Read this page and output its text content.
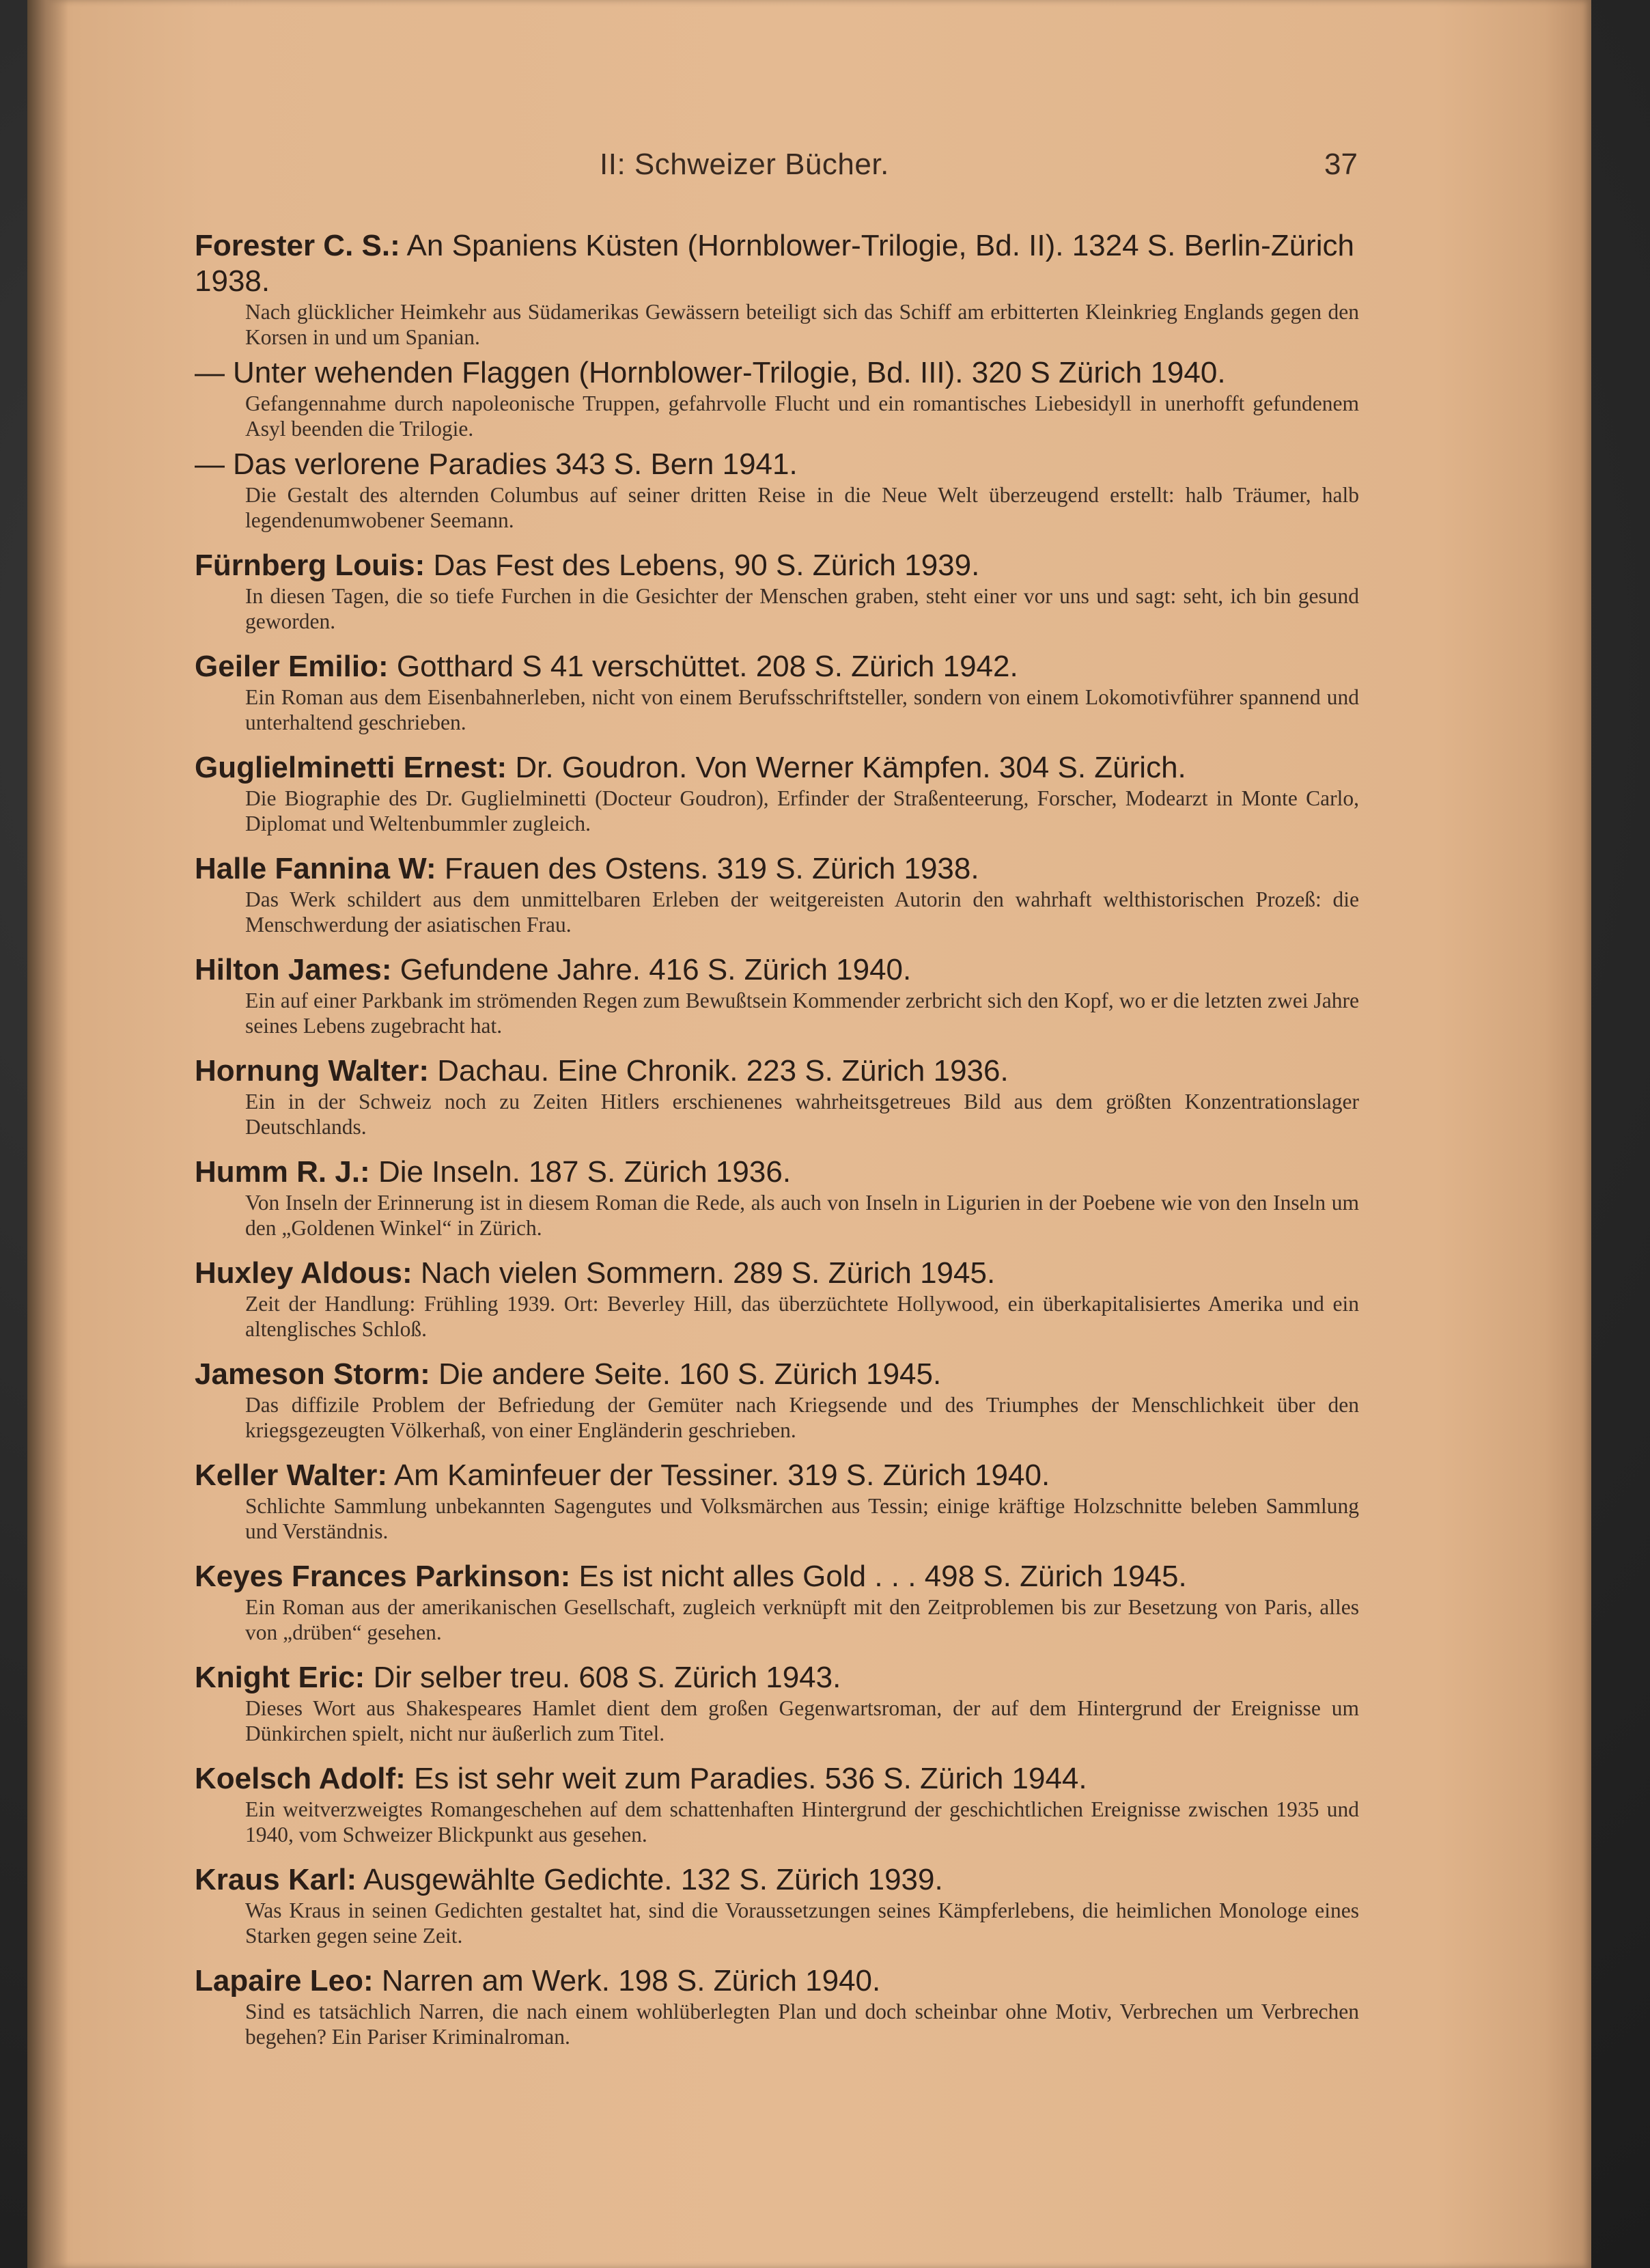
II: Schweizer Bücher.	37
Forester C. S.: An Spaniens Küsten (Hornblower-Trilogie, Bd. II). 1324 S. Berlin-Zürich 1938.
Nach glücklicher Heimkehr aus Südamerikas Gewässern beteiligt sich das Schiff am erbitterten Kleinkrieg Englands gegen den Korsen in und um Spanian.
— Unter wehenden Flaggen (Hornblower-Trilogie, Bd. III). 320 S Zürich 1940.
Gefangennahme durch napoleonische Truppen, gefahrvolle Flucht und ein romantisches Liebesidyll in unerhofft gefundenem Asyl beenden die Trilogie.
— Das verlorene Paradies 343 S. Bern 1941.
Die Gestalt des alternden Columbus auf seiner dritten Reise in die Neue Welt überzeugend erstellt: halb Träumer, halb legendenumwobener Seemann.
Fürnberg Louis: Das Fest des Lebens, 90 S. Zürich 1939.
In diesen Tagen, die so tiefe Furchen in die Gesichter der Menschen graben, steht einer vor uns und sagt: seht, ich bin gesund geworden.
Geiler Emilio: Gotthard S 41 verschüttet. 208 S. Zürich 1942.
Ein Roman aus dem Eisenbahnerleben, nicht von einem Berufsschriftsteller, sondern von einem Lokomotivführer spannend und unterhaltend geschrieben.
Guglielminetti Ernest: Dr. Goudron. Von Werner Kämpfen. 304 S. Zürich.
Die Biographie des Dr. Guglielminetti (Docteur Goudron), Erfinder der Straßenteerung, Forscher, Modearzt in Monte Carlo, Diplomat und Weltenbummler zugleich.
Halle Fannina W: Frauen des Ostens. 319 S. Zürich 1938.
Das Werk schildert aus dem unmittelbaren Erleben der weitgereisten Autorin den wahrhaft welthistorischen Prozeß: die Menschwerdung der asiatischen Frau.
Hilton James: Gefundene Jahre. 416 S. Zürich 1940.
Ein auf einer Parkbank im strömenden Regen zum Bewußtsein Kommender zerbricht sich den Kopf, wo er die letzten zwei Jahre seines Lebens zugebracht hat.
Hornung Walter: Dachau. Eine Chronik. 223 S. Zürich 1936.
Ein in der Schweiz noch zu Zeiten Hitlers erschienenes wahrheitsgetreues Bild aus dem größten Konzentrationslager Deutschlands.
Humm R. J.: Die Inseln. 187 S. Zürich 1936.
Von Inseln der Erinnerung ist in diesem Roman die Rede, als auch von Inseln in Ligurien in der Poebene wie von den Inseln um den „Goldenen Winkel“ in Zürich.
Huxley Aldous: Nach vielen Sommern. 289 S. Zürich 1945.
Zeit der Handlung: Frühling 1939. Ort: Beverley Hill, das überzüchtete Hollywood, ein überkapitalisiertes Amerika und ein altenglisches Schloß.
Jameson Storm: Die andere Seite. 160 S. Zürich 1945.
Das diffizile Problem der Befriedung der Gemüter nach Kriegsende und des Triumphes der Menschlichkeit über den kriegsgezeugten Völkerhaß, von einer Engländerin geschrieben.
Keller Walter: Am Kaminfeuer der Tessiner. 319 S. Zürich 1940.
Schlichte Sammlung unbekannten Sagengutes und Volksmärchen aus Tessin; einige kräftige Holzschnitte beleben Sammlung und Verständnis.
Keyes Frances Parkinson: Es ist nicht alles Gold . . . 498 S. Zürich 1945.
Ein Roman aus der amerikanischen Gesellschaft, zugleich verknüpft mit den Zeitproblemen bis zur Besetzung von Paris, alles von „drüben“ gesehen.
Knight Eric: Dir selber treu. 608 S. Zürich 1943.
Dieses Wort aus Shakespeares Hamlet dient dem großen Gegenwartsroman, der auf dem Hintergrund der Ereignisse um Dünkirchen spielt, nicht nur äußerlich zum Titel.
Koelsch Adolf: Es ist sehr weit zum Paradies. 536 S. Zürich 1944.
Ein weitverzweigtes Romangeschehen auf dem schattenhaften Hintergrund der geschichtlichen Ereignisse zwischen 1935 und 1940, vom Schweizer Blickpunkt aus gesehen.
Kraus Karl: Ausgewählte Gedichte. 132 S. Zürich 1939.
Was Kraus in seinen Gedichten gestaltet hat, sind die Voraussetzungen seines Kämpferlebens, die heimlichen Monologe eines Starken gegen seine Zeit.
Lapaire Leo: Narren am Werk. 198 S. Zürich 1940.
Sind es tatsächlich Narren, die nach einem wohlüberlegten Plan und doch scheinbar ohne Motiv, Verbrechen um Verbrechen begehen? Ein Pariser Kriminalroman.
